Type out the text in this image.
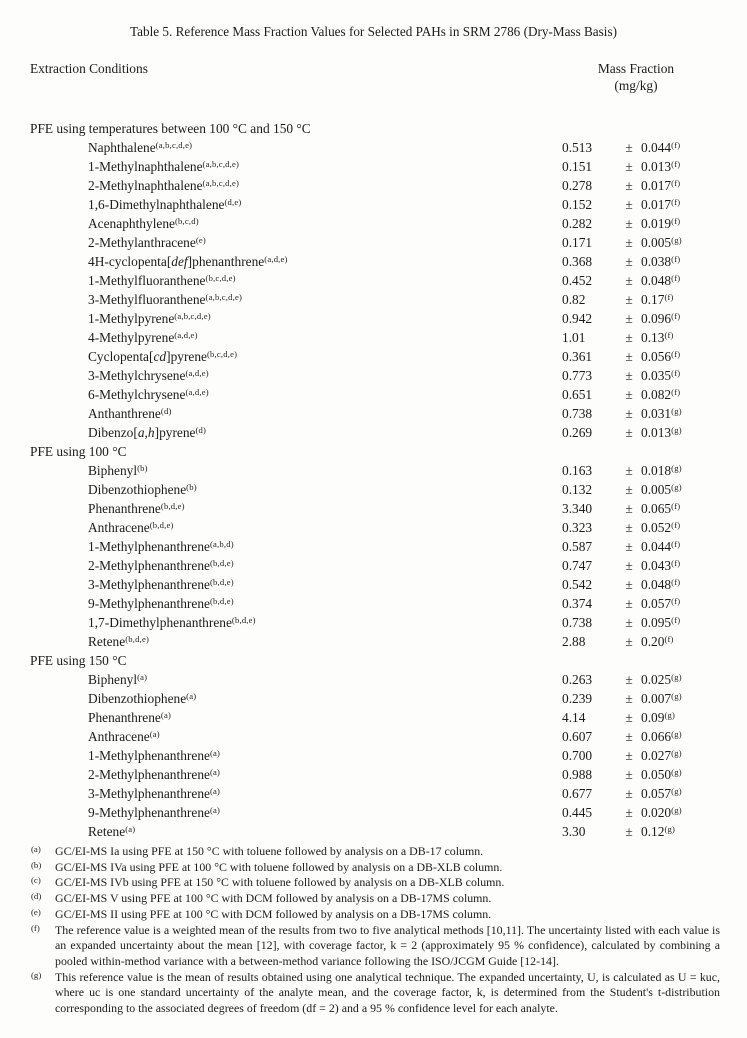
Table 5. Reference Mass Fraction Values for Selected PAHs in SRM 2786 (Dry-Mass Basis)
Extraction Conditions	Mass Fraction
(mg/kg)
PFE using temperatures between 100 °C and 150 °C
Naphthalene$^{(a,b,c,d,e)}$	0.513	± $0.044^{(f)}$
1-Methylnaphthalene$^{(a,b,c,d,e)}$	0.151	± $0.013^{(f)}$
2-Methylnaphthalene$^{(a,b,c,d,e)}$	0.278	± $0.017^{(f)}$
1,6-Dimethylnaphthalene$^{(d,e)}$	0.152	± $0.017^{(f)}$
Acenaphthylene$^{(b,c,d)}$	0.282	± $0.019^{(f)}$
2-Methylanthracene$^{(e)}$	0.171	± $0.005^{(g)}$
4H-cyclopenta[def]phenanthrene$^{(a,d,e)}$	0.368	± $0.038^{(f)}$
1-Methylfluoranthene$^{(b,c,d,e)}$	0.452	± $0.048^{(f)}$
3-Methylfluoranthene$^{(a,b,c,d,e)}$	0.82	± $0.17^{(f)}$
1-Methylpyrene$^{(a,b,c,d,e)}$	0.942	± $0.096^{(f)}$
4-Methylpyrene$^{(a,d,e)}$	1.01	± $0.13^{(f)}$
Cyclopenta[cd]pyrene$^{(b,c,d,e)}$	0.361	± $0.056^{(f)}$
3-Methylchrysene$^{(a,d,e)}$	0.773	± $0.035^{(f)}$
6-Methylchrysene$^{(a,d,e)}$	0.651	± $0.082^{(f)}$
Anthanthrene$^{(d)}$	0.738	± $0.031^{(g)}$
Dibenzo[a,h]pyrene$^{(d)}$	0.269	± $0.013^{(g)}$
PFE using 100 °C
Biphenyl$^{(b)}$	0.163	± $0.018^{(g)}$
Dibenzothiophene$^{(b)}$	0.132	± $0.005^{(g)}$
Phenanthrene$^{(b,d,e)}$	3.340	± $0.065^{(f)}$
Anthracene$^{(b,d,e)}$	0.323	± $0.052^{(f)}$
1-Methylphenanthrene$^{(a,b,d)}$	0.587	± $0.044^{(f)}$
2-Methylphenanthrene$^{(b,d,e)}$	0.747	± $0.043^{(f)}$
3-Methylphenanthrene$^{(b,d,e)}$	0.542	± $0.048^{(f)}$
9-Methylphenanthrene$^{(b,d,e)}$	0.374	± $0.057^{(f)}$
1,7-Dimethylphenanthrene$^{(b,d,e)}$	0.738	± $0.095^{(f)}$
Retene$^{(b,d,e)}$	2.88	± $0.20^{(f)}$
PFE using 150 °C
Biphenyl$^{(a)}$	0.263	± $0.025^{(g)}$
Dibenzothiophene$^{(a)}$	0.239	± $0.007^{(g)}$
Phenanthrene$^{(a)}$	4.14	± $0.09^{(g)}$
Anthracene$^{(a)}$	0.607	± $0.066^{(g)}$
1-Methylphenanthrene$^{(a)}$	0.700	± $0.027^{(g)}$
2-Methylphenanthrene$^{(a)}$	0.988	± $0.050^{(g)}$
3-Methylphenanthrene$^{(a)}$	0.677	± $0.057^{(g)}$
9-Methylphenanthrene$^{(a)}$	0.445	± $0.020^{(g)}$
Retene$^{(a)}$	3.30	± $0.12^{(g)}$
(a) GC/EI-MS Ia using PFE at 150 °C with toluene followed by analysis on a DB-17 column.
(b) GC/EI-MS IVa using PFE at 100 °C with toluene followed by analysis on a DB-XLB column.
(c) GC/EI-MS IVb using PFE at 150 °C with toluene followed by analysis on a DB-XLB column.
(d) GC/EI-MS V using PFE at 100 °C with DCM followed by analysis on a DB-17MS column.
(e) GC/EI-MS II using PFE at 100 °C with DCM followed by analysis on a DB-17MS column.
(f) The reference value is a weighted mean of the results from two to five analytical methods [10,11]. The uncertainty listed with each value is an expanded uncertainty about the mean [12], with coverage factor, k = 2 (approximately 95 % confidence), calculated by combining a pooled within-method variance with a between-method variance following the ISO/JCGM Guide [12-14].
(g) This reference value is the mean of results obtained using one analytical technique. The expanded uncertainty, U, is calculated as U = kuc, where uc is one standard uncertainty of the analyte mean, and the coverage factor, k, is determined from the Student's t-distribution corresponding to the associated degrees of freedom (df = 2) and a 95 % confidence level for each analyte.
